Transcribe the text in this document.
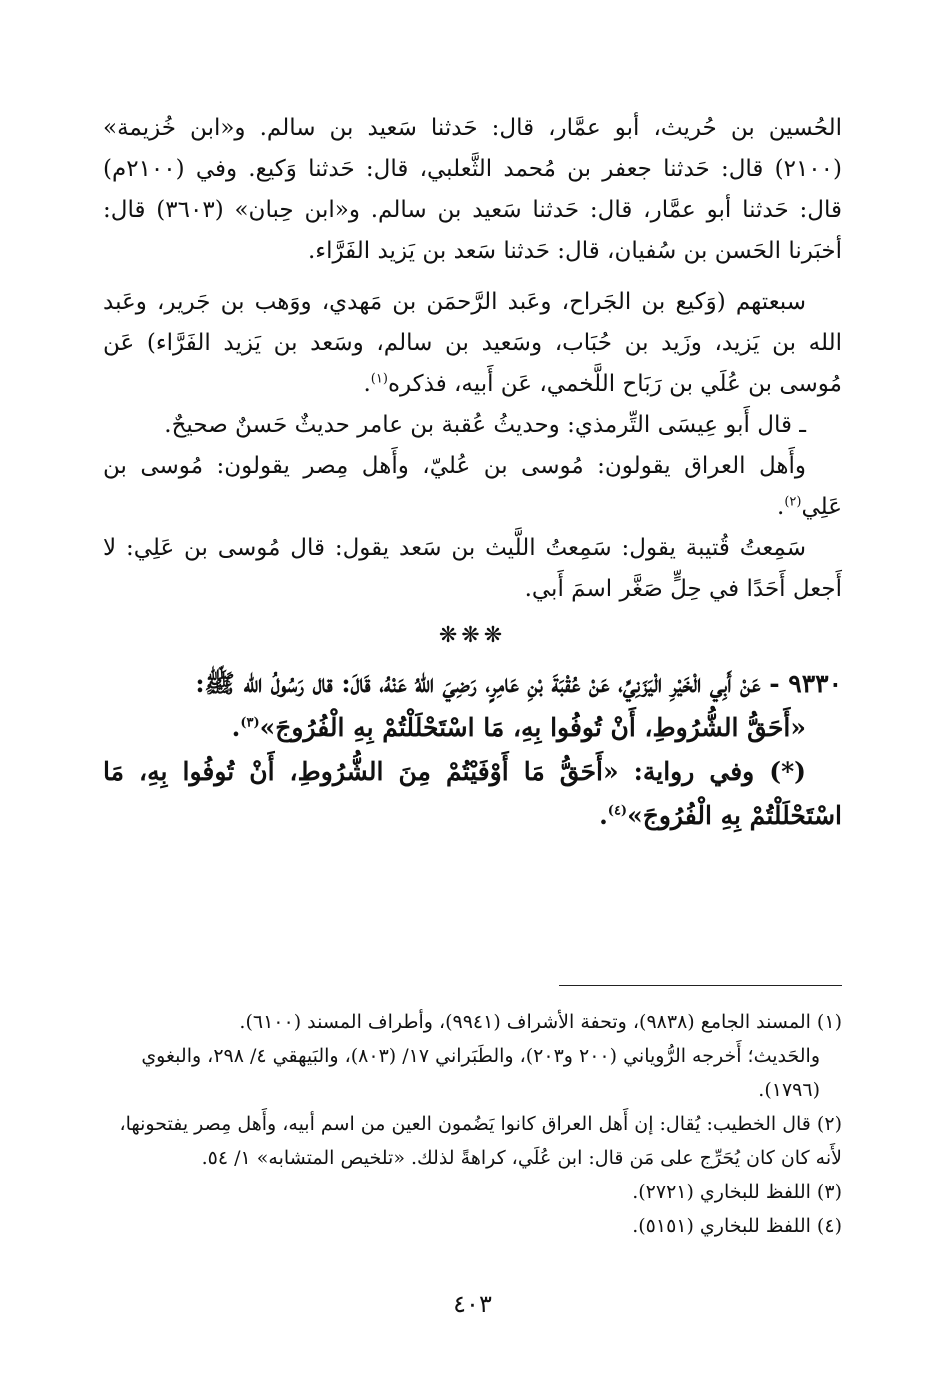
الحُسين بن حُريث، أبو عمَّار، قال: حَدثنا سَعيد بن سالم. و«ابن خُزيمة» (٢١٠٠) قال: حَدثنا جعفر بن مُحمد الثَّعلبي، قال: حَدثنا وَكيع. وفي (٢١٠٠م) قال: حَدثنا أبو عمَّار، قال: حَدثنا سَعيد بن سالم. و«ابن حِبان» (٣٦٠٣) قال: أخبَرنا الحَسن بن سُفيان، قال: حَدثنا سَعد بن يَزيد الفَرَّاء.

سبعتهم (وَكيع بن الجَراح، وعَبد الرَّحمَن بن مَهدي، ووَهب بن جَرير، وعَبد الله بن يَزيد، وزَيد بن حُبَاب، وسَعيد بن سالم، وسَعد بن يَزيد الفَرَّاء) عَن مُوسى بن عُلَي بن رَبَاح اللَّخمي، عَن أَبيه، فذكره$^{(١)}$.

ـ قال أَبو عِيسَى التِّرمذي: وحديثُ عُقبة بن عامر حديثٌ حَسنٌ صحيحٌ.

وأَهل العراق يقولون: مُوسى بن عُليّ، وأَهل مِصر يقولون: مُوسى بن عَلِي$^{(٢)}$.

سَمِعتُ قُتيبة يقول: سَمِعتُ اللَّيث بن سَعد يقول: قال مُوسى بن عَلِي: لا أَجعل أَحَدًا في حِلٍّ صَغَّر اسمَ أَبي.

❋❋❋

٩٣٣٠ - عَنْ أَبِي الْخَيْرِ الْيَزَنِيِّ، عَنْ عُقْبَةَ بْنِ عَامِرٍ، رَضِيَ اللهُ عَنْهُ، قَالَ: قال رَسُولُ الله ﷺ:

«أَحَقُّ الشُّرُوطِ، أَنْ تُوفُوا بِهِ، مَا اسْتَحْلَلْتُمْ بِهِ الْفُرُوجَ»$^{(٣)}$.

(*) وفي رواية: «أَحَقُّ مَا أَوْفَيْتُمْ مِنَ الشُّرُوطِ، أَنْ تُوفُوا بِهِ، مَا اسْتَحْلَلْتُمْ بِهِ الْفُرُوجَ»$^{(٤)}$.

(١) المسند الجامع (٩٨٣٨)، وتحفة الأشراف (٩٩٤١)، وأطراف المسند (٦١٠٠).

والحَديث؛ أَخرجه الرُّوياني (٢٠٠ و٢٠٣)، والطَبَراني ١٧/ (٨٠٣)، والبَيهقي ٤/ ٢٩٨، والبغوي (١٧٩٦).

(٢) قال الخطيب: يُقال: إن أَهل العراق كانوا يَضُمون العين من اسم أبيه، وأَهل مِصر يفتحونها، لأَنه كان كان يُحَرِّج على مَن قال: ابن عُلَي، كراهةً لذلك. «تلخيص المتشابه» ١/ ٥٤.

(٣) اللفظ للبخاري (٢٧٢١).

(٤) اللفظ للبخاري (٥١٥١).

٤٠٣
